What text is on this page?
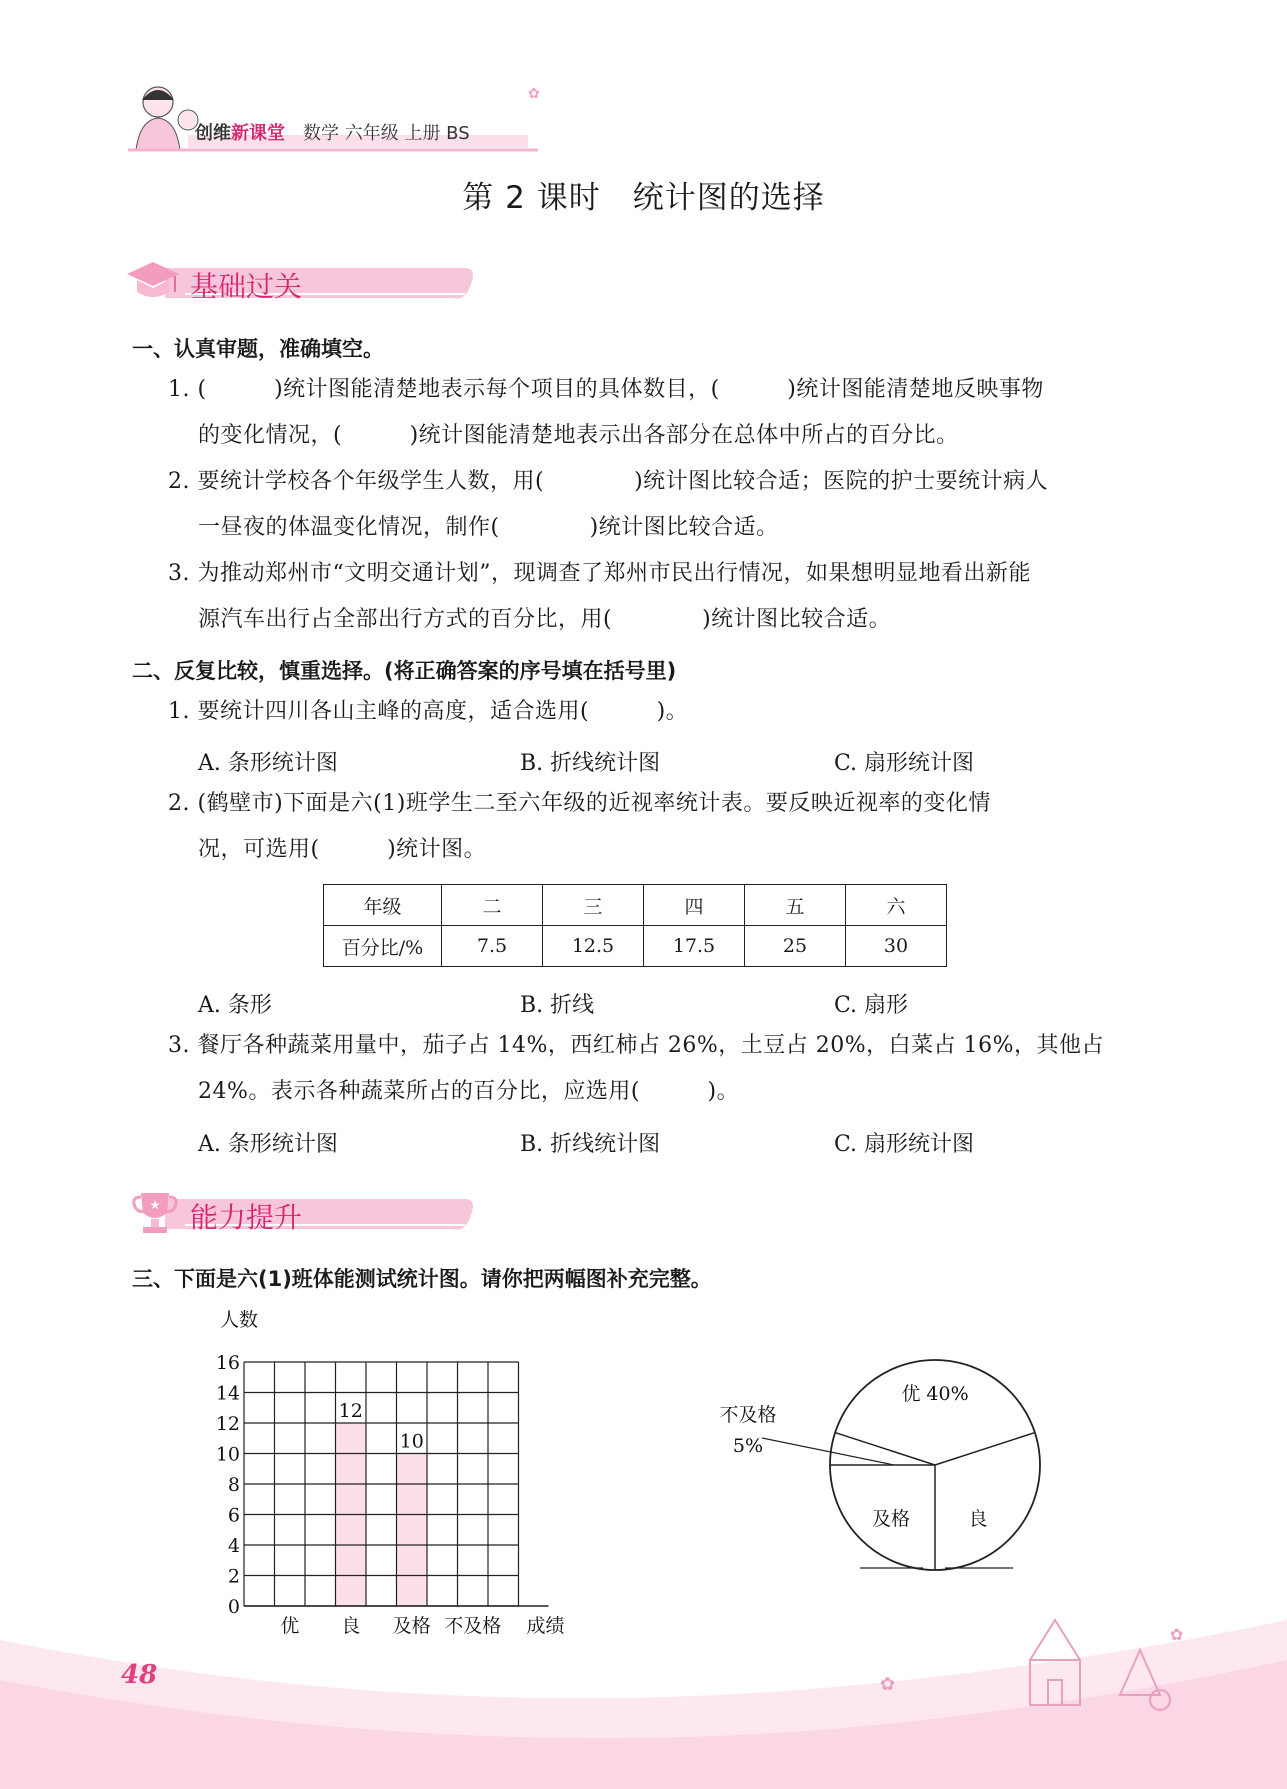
✿
创维新课堂 数学 六年级 上册 BS
第 2 课时　统计图的选择
基础过关
一、认真审题，准确填空。
1. (　　　)统计图能清楚地表示每个项目的具体数目，(　　　)统计图能清楚地反映事物
的变化情况，(　　　)统计图能清楚地表示出各部分在总体中所占的百分比。
2. 要统计学校各个年级学生人数，用(　　　　)统计图比较合适；医院的护士要统计病人
一昼夜的体温变化情况，制作(　　　　)统计图比较合适。
3. 为推动郑州市“文明交通计划”，现调查了郑州市民出行情况，如果想明显地看出新能
源汽车出行占全部出行方式的百分比，用(　　　　)统计图比较合适。
二、反复比较，慎重选择。(将正确答案的序号填在括号里)
1. 要统计四川各山主峰的高度，适合选用(　　　)。
A. 条形统计图	B. 折线统计图	C. 扇形统计图
2. (鹤壁市)下面是六(1)班学生二至六年级的近视率统计表。要反映近视率的变化情
况，可选用(　　　)统计图。
年级	二	三	四	五	六
百分比/%	7.5	12.5	17.5	25	30
A. 条形	B. 折线	C. 扇形
3. 餐厅各种蔬菜用量中，茄子占 14%，西红柿占 26%，土豆占 20%，白菜占 16%，其他占
24%。表示各种蔬菜所占的百分比，应选用(　　　)。
A. 条形统计图	B. 折线统计图	C. 扇形统计图
★ 能力提升
三、下面是六(1)班体能测试统计图。请你把两幅图补充完整。
12
10
0
2
4
6
8
10
12
14
16
人数
优 良 及格 不及格 成绩
优 40%
良
及格
不及格
5%
✿
✿
48
